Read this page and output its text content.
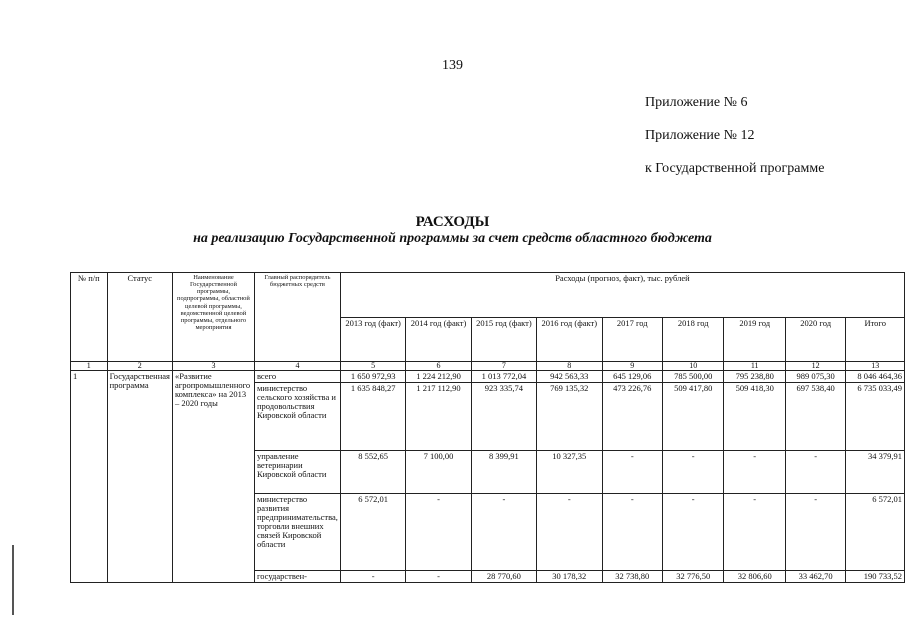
139
Приложение № 6
Приложение № 12
к Государственной программе
РАСХОДЫ
на реализацию Государственной программы за счет средств областного бюджета
№ п/п	Статус	Наименование Государственной программы, подпрограммы, областной целевой программы, ведомственной целевой программы, отдельного мероприятия	Главный распорядитель бюджетных средств	Расходы (прогноз, факт), тыс. рублей								
				2013 год (факт)	2014 год (факт)	2015 год (факт)	2016 год (факт)	2017 год	2018 год	2019 год	2020 год	Итого
1	2	3	4	5	6	7	8	9	10	11	12	13
1	Государственная программа	«Развитие агропромышленного комплекса» на 2013 – 2020 годы	всего	1 650 972,93	1 224 212,90	1 013 772,04	942 563,33	645 129,06	785 500,00	795 238,80	989 075,30	8 046 464,36
			министерство сельского хозяйства и продовольствия Кировской области	1 635 848,27	1 217 112,90	923 335,74	769 135,32	473 226,76	509 417,80	509 418,30	697 538,40	6 735 033,49
			управление ветеринарии Кировской области	8 552,65	7 100,00	8 399,91	10 327,35	-	-	-	-	34 379,91
			министерство развития предпринимательства, торговли внешних связей Кировской области	6 572,01	-	-	-	-	-	-	-	6 572,01
			государствен-	-	-	28 770,60	30 178,32	32 738,80	32 776,50	32 806,60	33 462,70	190 733,52
